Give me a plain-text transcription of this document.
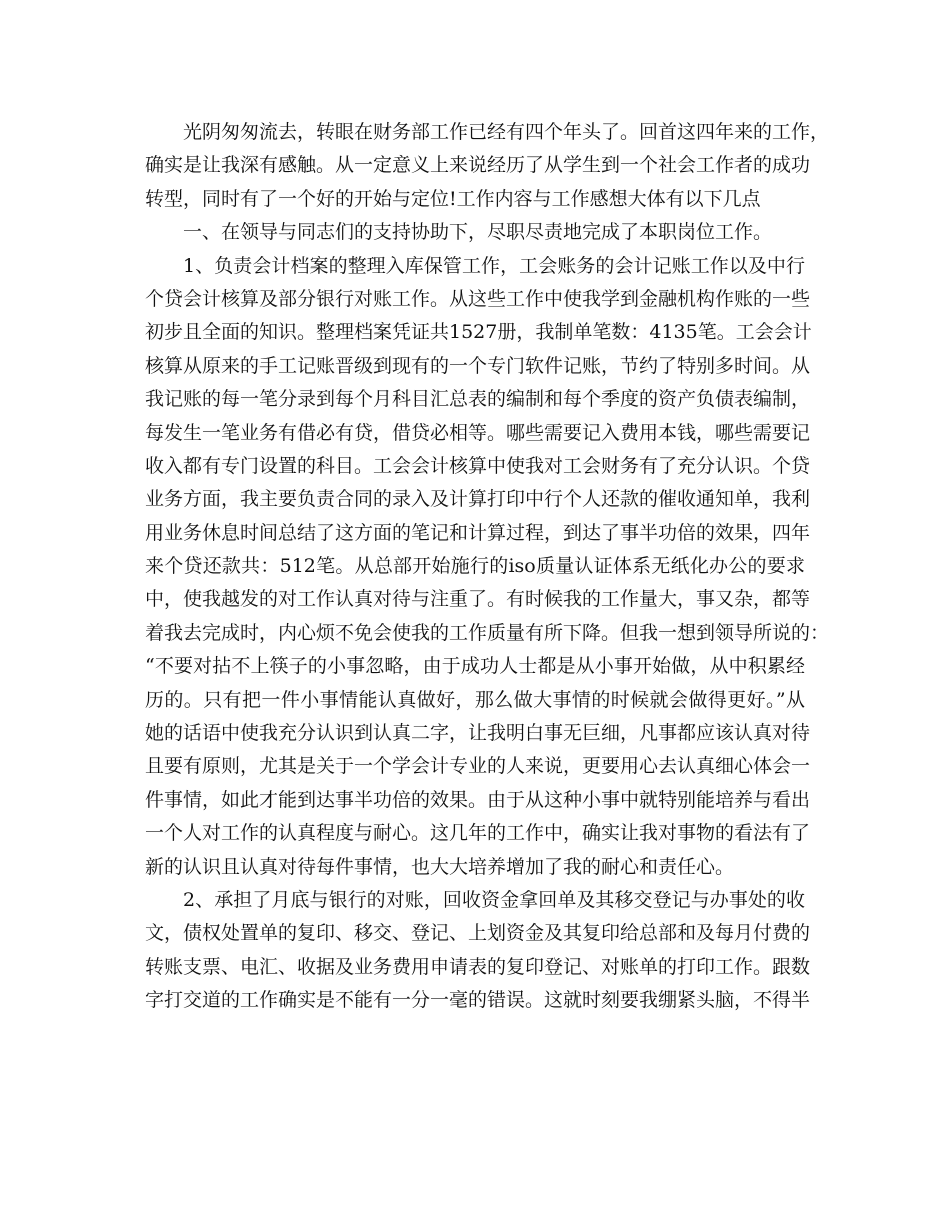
光阴匆匆流去，转眼在财务部工作已经有四个年头了。回首这四年来的工作，
确实是让我深有感触。从一定意义上来说经历了从学生到一个社会工作者的成功
转型，同时有了一个好的开始与定位!工作内容与工作感想大体有以下几点
一、在领导与同志们的支持协助下，尽职尽责地完成了本职岗位工作。
1、负责会计档案的整理入库保管工作，工会账务的会计记账工作以及中行
个贷会计核算及部分银行对账工作。从这些工作中使我学到金融机构作账的一些
初步且全面的知识。整理档案凭证共1527册，我制单笔数：4135笔。工会会计
核算从原来的手工记账晋级到现有的一个专门软件记账，节约了特别多时间。从
我记账的每一笔分录到每个月科目汇总表的编制和每个季度的资产负债表编制，
每发生一笔业务有借必有贷，借贷必相等。哪些需要记入费用本钱，哪些需要记
收入都有专门设置的科目。工会会计核算中使我对工会财务有了充分认识。个贷
业务方面，我主要负责合同的录入及计算打印中行个人还款的催收通知单，我利
用业务休息时间总结了这方面的笔记和计算过程，到达了事半功倍的效果，四年
来个贷还款共：512笔。从总部开始施行的iso质量认证体系无纸化办公的要求
中，使我越发的对工作认真对待与注重了。有时候我的工作量大，事又杂，都等
着我去完成时，内心烦不免会使我的工作质量有所下降。但我一想到领导所说的：
“不要对拈不上筷子的小事忽略，由于成功人士都是从小事开始做，从中积累经
历的。只有把一件小事情能认真做好，那么做大事情的时候就会做得更好。”从
她的话语中使我充分认识到认真二字，让我明白事无巨细，凡事都应该认真对待
且要有原则，尤其是关于一个学会计专业的人来说，更要用心去认真细心体会一
件事情，如此才能到达事半功倍的效果。由于从这种小事中就特别能培养与看出
一个人对工作的认真程度与耐心。这几年的工作中，确实让我对事物的看法有了
新的认识且认真对待每件事情，也大大培养增加了我的耐心和责任心。
2、承担了月底与银行的对账，回收资金拿回单及其移交登记与办事处的收
文，债权处置单的复印、移交、登记、上划资金及其复印给总部和及每月付费的
转账支票、电汇、收据及业务费用申请表的复印登记、对账单的打印工作。跟数
字打交道的工作确实是不能有一分一毫的错误。这就时刻要我绷紧头脑，不得半
